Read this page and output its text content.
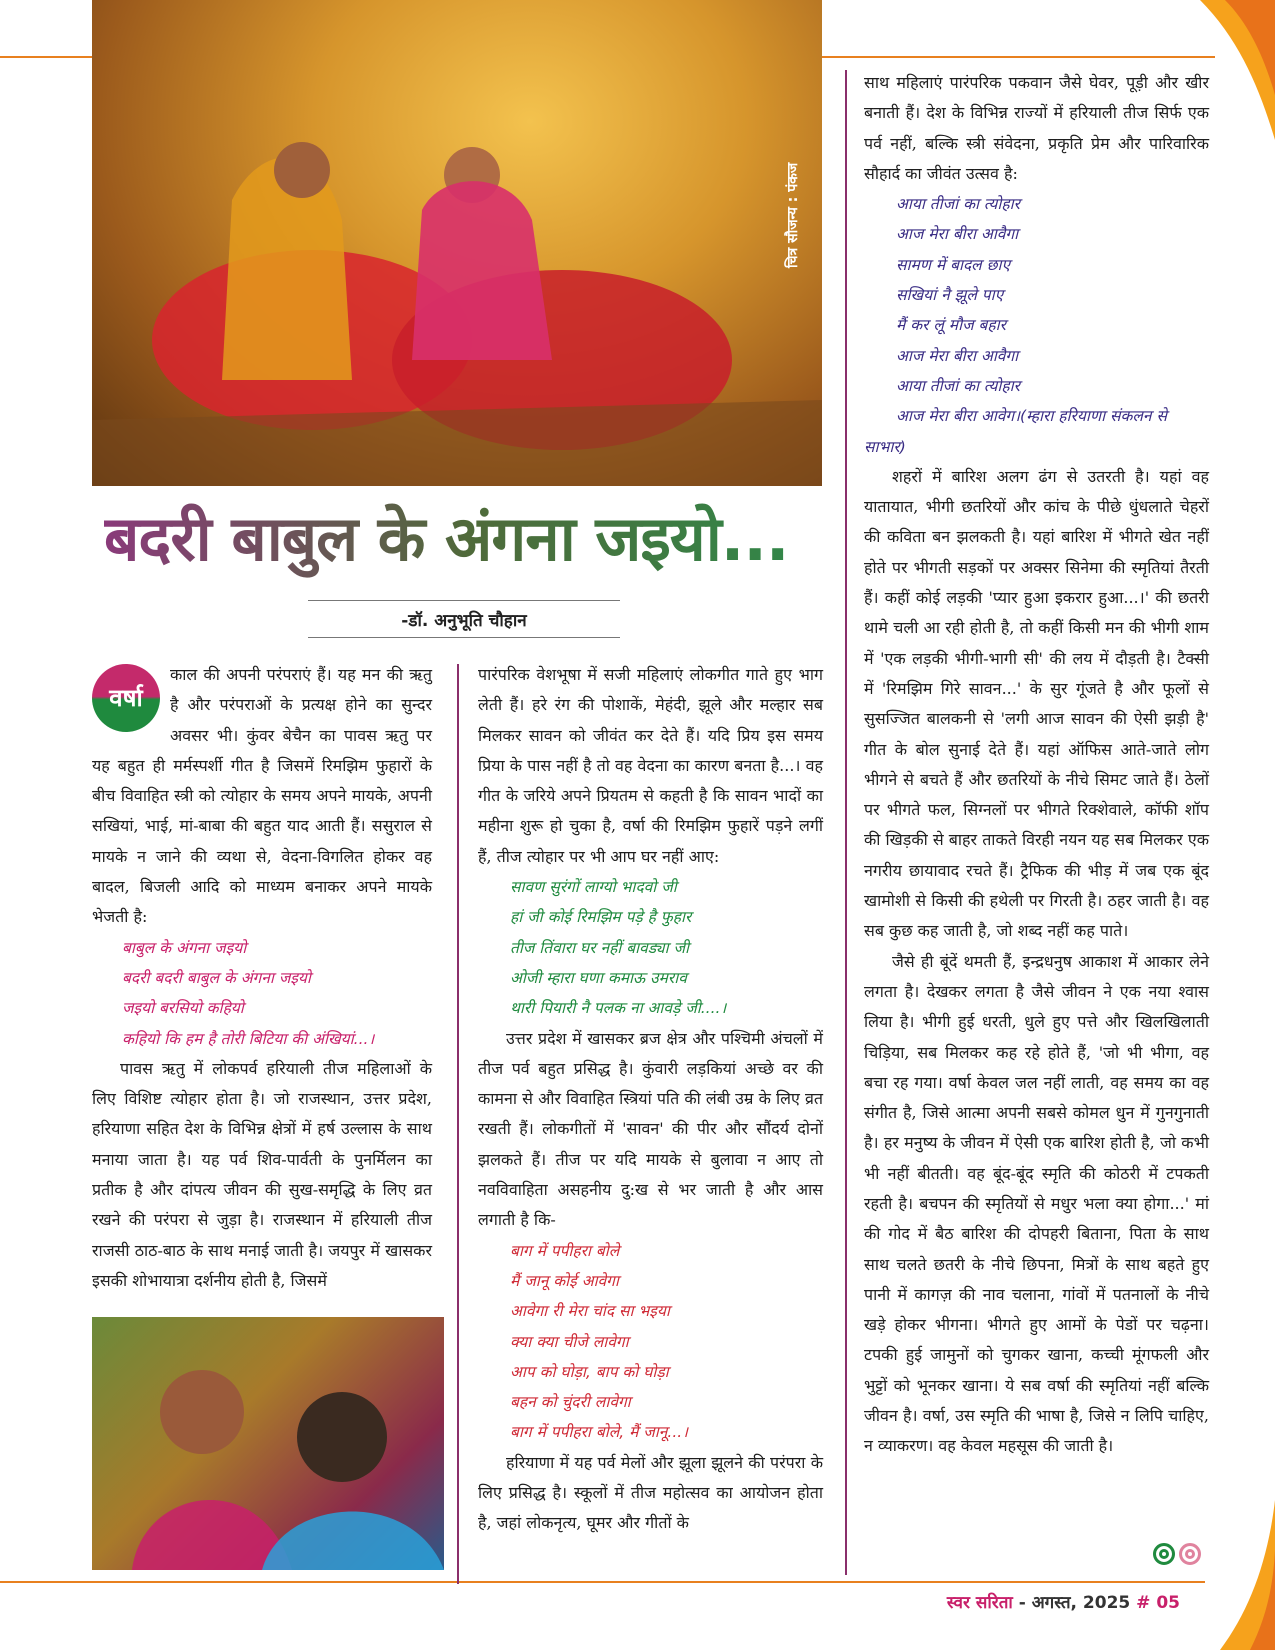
चित्र सौजन्य : पंकज
बदरी बाबुल के अंगना जइयो...
-डॉ. अनुभूति चौहान
वर्षा

काल की अपनी परंपराएं हैं। यह मन की ऋतु है और परंपराओं के प्रत्यक्ष होने का सुन्दर अवसर भी। कुंवर बेचैन का पावस ऋतु पर यह बहुत ही मर्मस्पर्शी गीत है जिसमें रिमझिम फुहारों के बीच विवाहित स्त्री को त्योहार के समय अपने मायके, अपनी सखियां, भाई, मां-बाबा की बहुत याद आती हैं। ससुराल से मायके न जाने की व्यथा से, वेदना-विगलित होकर वह बादल, बिजली आदि को माध्यम बनाकर अपने मायके भेजती है:

बाबुल के अंगना जइयो
बदरी बदरी बाबुल के अंगना जइयो
जइयो बरसियो कहियो
कहियो कि हम है तोरी बिटिया की अंखियां...।

पावस ऋतु में लोकपर्व हरियाली तीज महिलाओं के लिए विशिष्ट त्योहार होता है। जो राजस्थान, उत्तर प्रदेश, हरियाणा सहित देश के विभिन्न क्षेत्रों में हर्ष उल्लास के साथ मनाया जाता है। यह पर्व शिव-पार्वती के पुनर्मिलन का प्रतीक है और दांपत्य जीवन की सुख-समृद्धि के लिए व्रत रखने की परंपरा से जुड़ा है। राजस्थान में हरियाली तीज राजसी ठाठ-बाठ के साथ मनाई जाती है। जयपुर में खासकर इसकी शोभायात्रा दर्शनीय होती है, जिसमें

पारंपरिक वेशभूषा में सजी महिलाएं लोकगीत गाते हुए भाग लेती हैं। हरे रंग की पोशाकें, मेहंदी, झूले और मल्हार सब मिलकर सावन को जीवंत कर देते हैं। यदि प्रिय इस समय प्रिया के पास नहीं है तो वह वेदना का कारण बनता है...। वह गीत के जरिये अपने प्रियतम से कहती है कि सावन भादों का महीना शुरू हो चुका है, वर्षा की रिमझिम फुहारें पड़ने लगीं हैं, तीज त्योहार पर भी आप घर नहीं आए:

सावण सुरंगों लाग्यो भादवो जी
हां जी कोई रिमझिम पड़े है फुहार
तीज तिंवारा घर नहीं बावड्या जी
ओजी म्हारा घणा कमाऊ उमराव
थारी पियारी नै पलक ना आवड़े जी....।

उत्तर प्रदेश में खासकर ब्रज क्षेत्र और पश्चिमी अंचलों में तीज पर्व बहुत प्रसिद्ध है। कुंवारी लड़कियां अच्छे वर की कामना से और विवाहित स्त्रियां पति की लंबी उम्र के लिए व्रत रखती हैं। लोकगीतों में 'सावन' की पीर और सौंदर्य दोनों झलकते हैं। तीज पर यदि मायके से बुलावा न आए तो नवविवाहिता असहनीय दु:ख से भर जाती है और आस लगाती है कि-

बाग में पपीहरा बोले
मैं जानू कोई आवेगा
आवेगा री मेरा चांद सा भइया
क्या क्या चीजे लावेगा
आप को घोड़ा, बाप को घोड़ा
बहन को चुंदरी लावेगा
बाग में पपीहरा बोले, मैं जानू...।

हरियाणा में यह पर्व मेलों और झूला झूलने की परंपरा के लिए प्रसिद्ध है। स्कूलों में तीज महोत्सव का आयोजन होता है, जहां लोकनृत्य, घूमर और गीतों के

साथ महिलाएं पारंपरिक पकवान जैसे घेवर, पूड़ी और खीर बनाती हैं। देश के विभिन्न राज्यों में हरियाली तीज सिर्फ एक पर्व नहीं, बल्कि स्त्री संवेदना, प्रकृति प्रेम और पारिवारिक सौहार्द का जीवंत उत्सव है:

आया तीजां का त्योहार
आज मेरा बीरा आवैगा
सामण में बादल छाए
सखियां नै झूले पाए
मैं कर लूं मौज बहार
आज मेरा बीरा आवैगा
आया तीजां का त्योहार
आज मेरा बीरा आवेग।(म्हारा हरियाणा संकलन से
साभार)

शहरों में बारिश अलग ढंग से उतरती है। यहां वह यातायात, भीगी छतरियों और कांच के पीछे धुंधलाते चेहरों की कविता बन झलकती है। यहां बारिश में भीगते खेत नहीं होते पर भीगती सड़कों पर अक्सर सिनेमा की स्मृतियां तैरती हैं। कहीं कोई लड़की 'प्यार हुआ इकरार हुआ...।' की छतरी थामे चली आ रही होती है, तो कहीं किसी मन की भीगी शाम में 'एक लड़की भीगी-भागी सी' की लय में दौड़ती है। टैक्सी में 'रिमझिम गिरे सावन...' के सुर गूंजते है और फूलों से सुसज्जित बालकनी से 'लगी आज सावन की ऐसी झड़ी है' गीत के बोल सुनाई देते हैं। यहां ऑफिस आते-जाते लोग भीगने से बचते हैं और छतरियों के नीचे सिमट जाते हैं। ठेलों पर भीगते फल, सिग्नलों पर भीगते रिक्शेवाले, कॉफी शॉप की खिड़की से बाहर ताकते विरही नयन यह सब मिलकर एक नगरीय छायावाद रचते हैं। ट्रैफिक की भीड़ में जब एक बूंद खामोशी से किसी की हथेली पर गिरती है। ठहर जाती है। वह सब कुछ कह जाती है, जो शब्द नहीं कह पाते।

जैसे ही बूंदें थमती हैं, इन्द्रधनुष आकाश में आकार लेने लगता है। देखकर लगता है जैसे जीवन ने एक नया श्वास लिया है। भीगी हुई धरती, धुले हुए पत्ते और खिलखिलाती चिड़िया, सब मिलकर कह रहे होते हैं, 'जो भी भीगा, वह बचा रह गया। वर्षा केवल जल नहीं लाती, वह समय का वह संगीत है, जिसे आत्मा अपनी सबसे कोमल धुन में गुनगुनाती है। हर मनुष्य के जीवन में ऐसी एक बारिश होती है, जो कभी भी नहीं बीतती। वह बूंद-बूंद स्मृति की कोठरी में टपकती रहती है। बचपन की स्मृतियों से मधुर भला क्या होगा...' मां की गोद में बैठ बारिश की दोपहरी बिताना, पिता के साथ साथ चलते छतरी के नीचे छिपना, मित्रों के साथ बहते हुए पानी में कागज़ की नाव चलाना, गांवों में पतनालों के नीचे खड़े होकर भीगना। भीगते हुए आमों के पेडों पर चढ़ना। टपकी हुई जामुनों को चुगकर खाना, कच्ची मूंगफली और भुट्टों को भूनकर खाना। ये सब वर्षा की स्मृतियां नहीं बल्कि जीवन है। वर्षा, उस स्मृति की भाषा है, जिसे न लिपि चाहिए, न व्याकरण। वह केवल महसूस की जाती है।

स्वर सरिता - अगस्त, 2025 # 05
